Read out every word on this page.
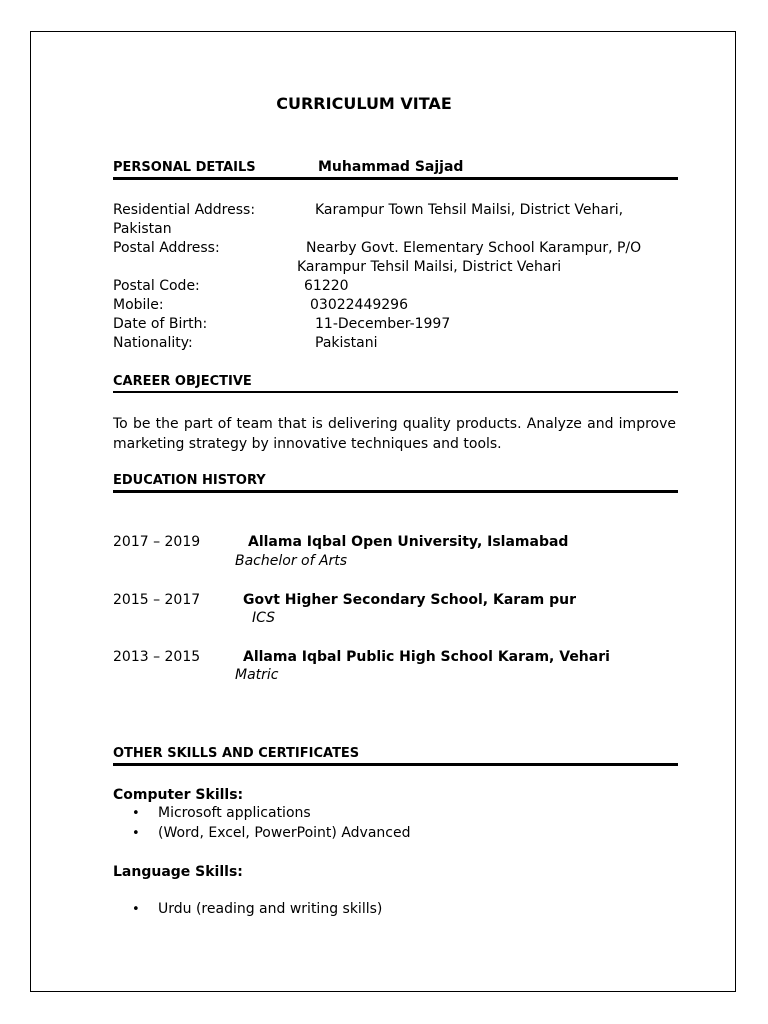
CURRICULUM VITAE
PERSONAL DETAILS	Muhammad Sajjad
Residential Address:	Karampur Town Tehsil Mailsi, District Vehari,
Pakistan
Postal Address:	Nearby Govt. Elementary School Karampur, P/O
Karampur Tehsil Mailsi, District Vehari
Postal Code:	61220
Mobile:	03022449296
Date of Birth:	11-December-1997
Nationality:	Pakistani
CAREER OBJECTIVE
To be the part of team that is delivering quality products. Analyze and improve marketing strategy by innovative techniques and tools.
EDUCATION HISTORY
2017 – 2019	Allama Iqbal Open University, Islamabad
Bachelor of Arts
2015 – 2017	Govt Higher Secondary School, Karam pur
ICS
2013 – 2015	Allama Iqbal Public High School Karam, Vehari
Matric
OTHER SKILLS AND CERTIFICATES
Computer Skills:
• Microsoft applications
• (Word, Excel, PowerPoint) Advanced
Language Skills:
• Urdu (reading and writing skills)
